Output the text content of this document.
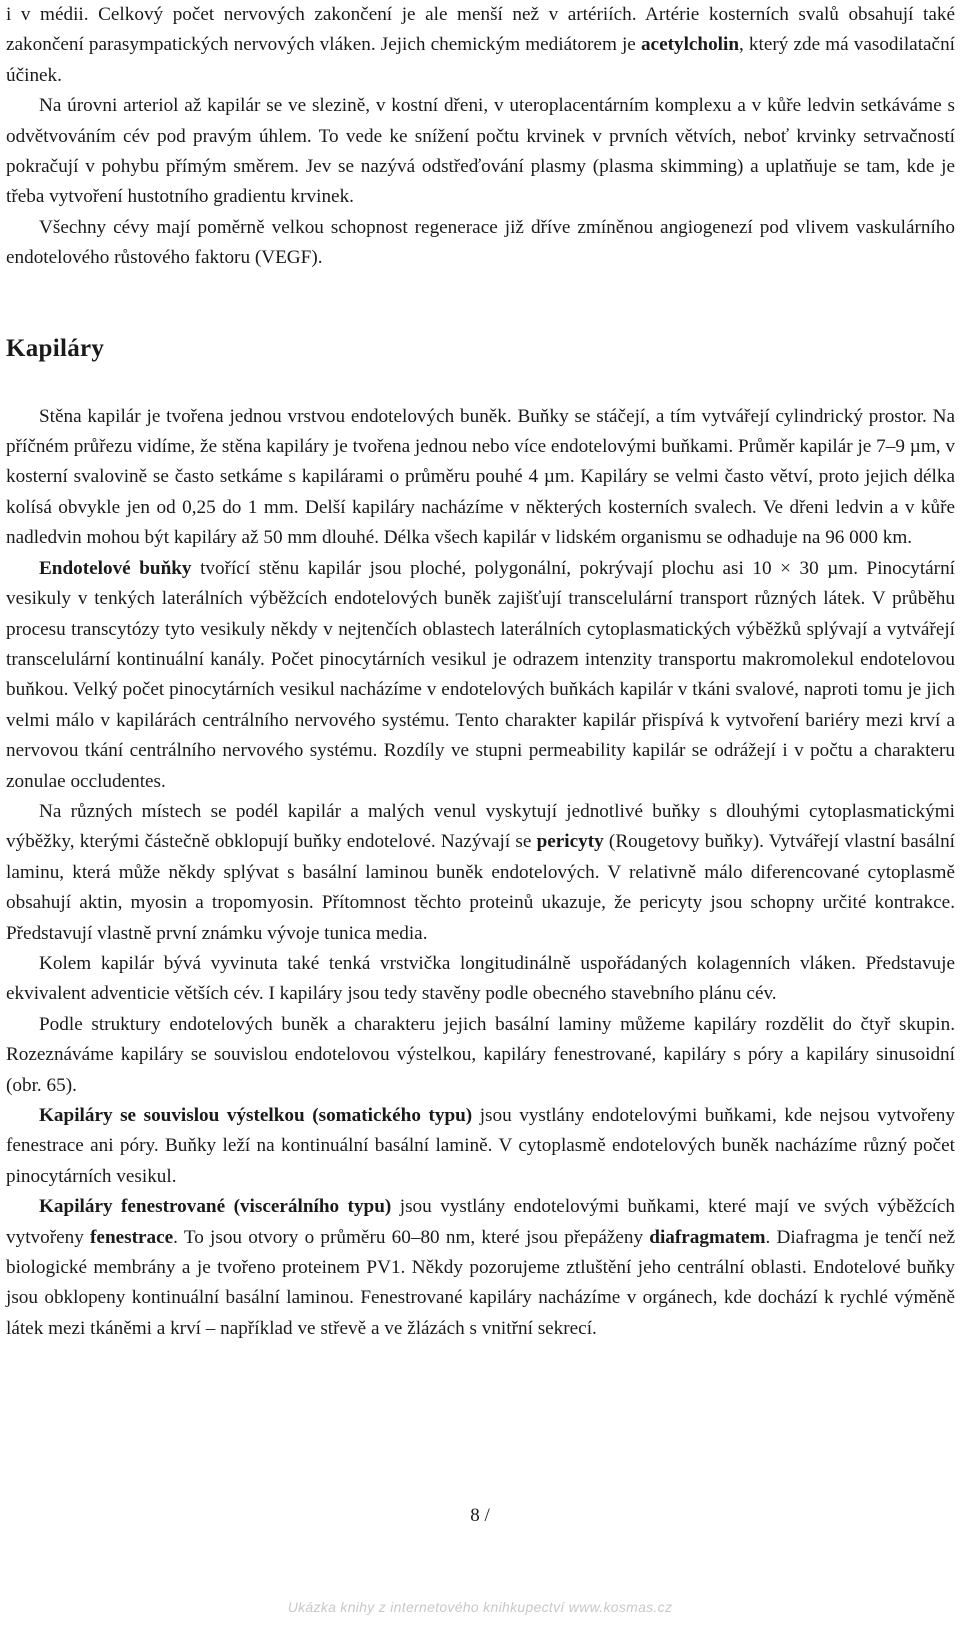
i v médii. Celkový počet nervových zakončení je ale menší než v artériích. Artérie kosterních svalů obsahují také zakončení parasympatických nervových vláken. Jejich chemickým mediátorem je acetylcholin, který zde má vasodilatační účinek.

Na úrovni arteriol až kapilár se ve slezině, v kostní dřeni, v uteroplacentárním komplexu a v kůře ledvin setkáváme s odvětvováním cév pod pravým úhlem. To vede ke snížení počtu krvinek v prvních větvích, neboť krvinky setrvačností pokračují v pohybu přímým směrem. Jev se nazývá odstřeďování plasmy (plasma skimming) a uplatňuje se tam, kde je třeba vytvoření hustotního gradientu krvinek.

Všechny cévy mají poměrně velkou schopnost regenerace již dříve zmíněnou angiogenezí pod vlivem vaskulárního endotelového růstového faktoru (VEGF).

Kapiláry

Stěna kapilár je tvořena jednou vrstvou endotelových buněk. Buňky se stáčejí, a tím vytvářejí cylindrický prostor. Na příčném průřezu vidíme, že stěna kapiláry je tvořena jednou nebo více endotelovými buňkami. Průměr kapilár je 7–9 µm, v kosterní svalovině se často setkáme s kapilárami o průměru pouhé 4 µm. Kapiláry se velmi často větví, proto jejich délka kolísá obvykle jen od 0,25 do 1 mm. Delší kapiláry nacházíme v některých kosterních svalech. Ve dřeni ledvin a v kůře nadledvin mohou být kapiláry až 50 mm dlouhé. Délka všech kapilár v lidském organismu se odhaduje na 96 000 km.

Endotelové buňky tvořící stěnu kapilár jsou ploché, polygonální, pokrývají plochu asi 10 × 30 µm. Pinocytární vesikuly v tenkých laterálních výběžcích endotelových buněk zajišťují transcelulární transport různých látek. V průběhu procesu transcytózy tyto vesikuly někdy v nejtenčích oblastech laterálních cytoplasmatických výběžků splývají a vytvářejí transcelulární kontinuální kanály. Počet pinocytárních vesikul je odrazem intenzity transportu makromolekul endotelovou buňkou. Velký počet pinocytárních vesikul nacházíme v endotelových buňkách kapilár v tkáni svalové, naproti tomu je jich velmi málo v kapilárách centrálního nervového systému. Tento charakter kapilár přispívá k vytvoření bariéry mezi krví a nervovou tkání centrálního nervového systému. Rozdíly ve stupni permeability kapilár se odrážejí i v počtu a charakteru zonulae occludentes.

Na různých místech se podél kapilár a malých venul vyskytují jednotlivé buňky s dlouhými cytoplasmatickými výběžky, kterými částečně obklopují buňky endotelové. Nazývají se pericyty (Rougetovy buňky). Vytvářejí vlastní basální laminu, která může někdy splývat s basální laminou buněk endotelových. V relativně málo diferencované cytoplasmě obsahují aktin, myosin a tropomyosin. Přítomnost těchto proteinů ukazuje, že pericyty jsou schopny určité kontrakce. Představují vlastně první známku vývoje tunica media.

Kolem kapilár bývá vyvinuta také tenká vrstvička longitudinálně uspořádaných kolagenních vláken. Představuje ekvivalent adventicie větších cév. I kapiláry jsou tedy stavěny podle obecného stavebního plánu cév.

Podle struktury endotelových buněk a charakteru jejich basální laminy můžeme kapiláry rozdělit do čtyř skupin. Rozeznáváme kapiláry se souvislou endotelovou výstelkou, kapiláry fenestrované, kapiláry s póry a kapiláry sinusoidní (obr. 65).

Kapiláry se souvislou výstelkou (somatického typu) jsou vystlány endotelovými buňkami, kde nejsou vytvořeny fenestrace ani póry. Buňky leží na kontinuální basální lamině. V cytoplasmě endotelových buněk nacházíme různý počet pinocytárních vesikul.

Kapiláry fenestrované (viscerálního typu) jsou vystlány endotelovými buňkami, které mají ve svých výběžcích vytvořeny fenestrace. To jsou otvory o průměru 60–80 nm, které jsou přepáženy diafragmatem. Diafragma je tenčí než biologické membrány a je tvořeno proteinem PV1. Někdy pozorujeme ztluštění jeho centrální oblasti. Endotelové buňky jsou obklopeny kontinuální basální laminou. Fenestrované kapiláry nacházíme v orgánech, kde dochází k rychlé výměně látek mezi tkáněmi a krví – například ve střevě a ve žlázách s vnitřní sekrecí.

8 /
Ukázka knihy z internetového knihkupectví www.kosmas.cz
